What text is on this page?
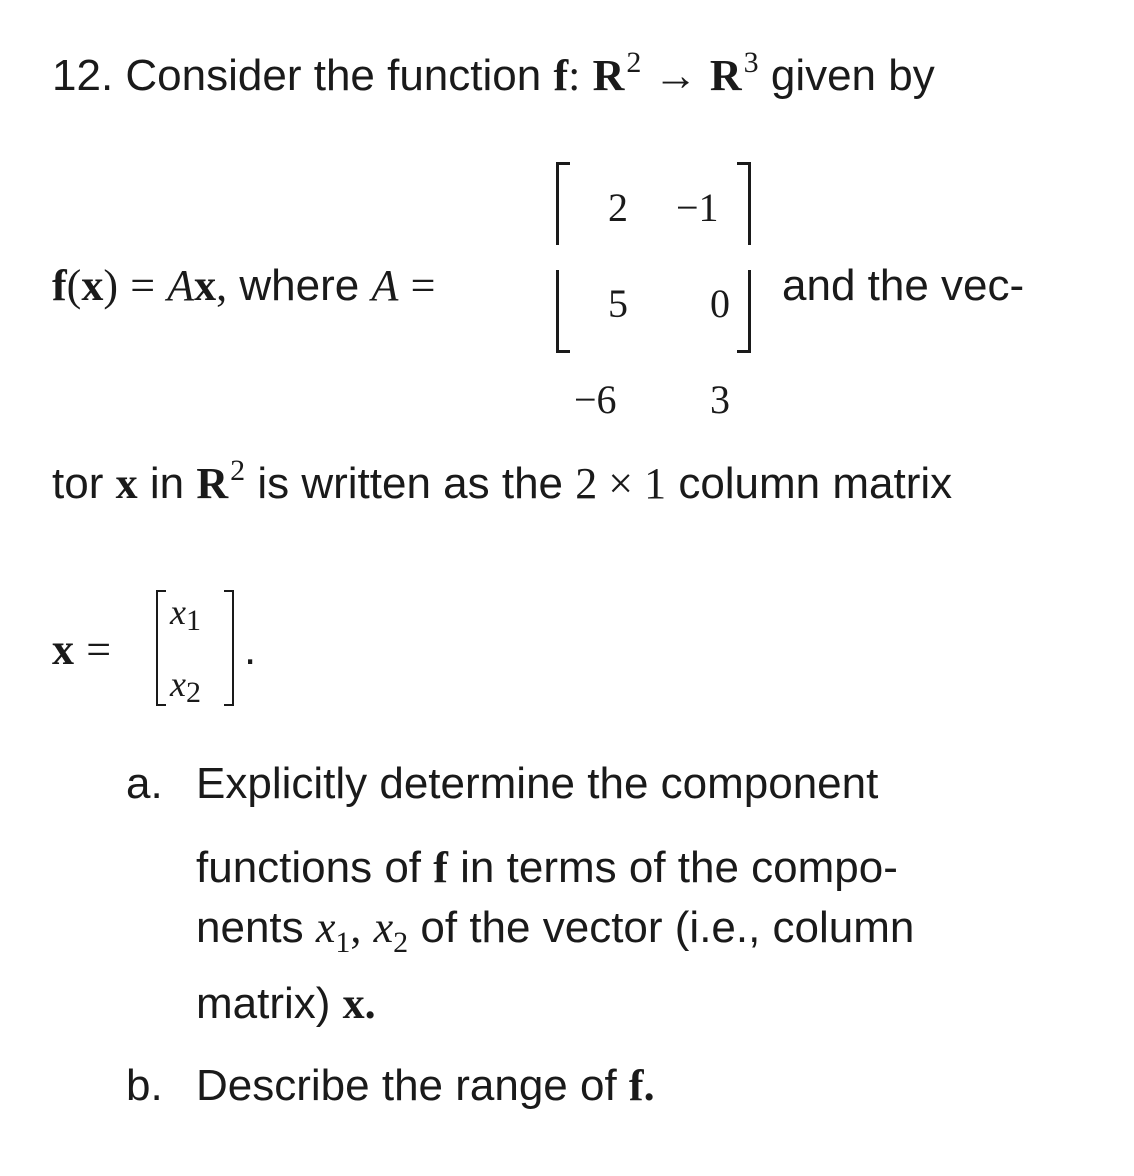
12. Consider the function f: $R^2 \to R^3$ given by
f(x) = Ax, where A =
2 −1
5 0
−6 3
and the vec-
tor x in $R^2$ is written as the 2 × 1 column matrix
x =
x1
x2
.
a. Explicitly determine the component
functions of f in terms of the compo-
nents $x_1$, $x_2$ of the vector (i.e., column
matrix) x.
b. Describe the range of f.
